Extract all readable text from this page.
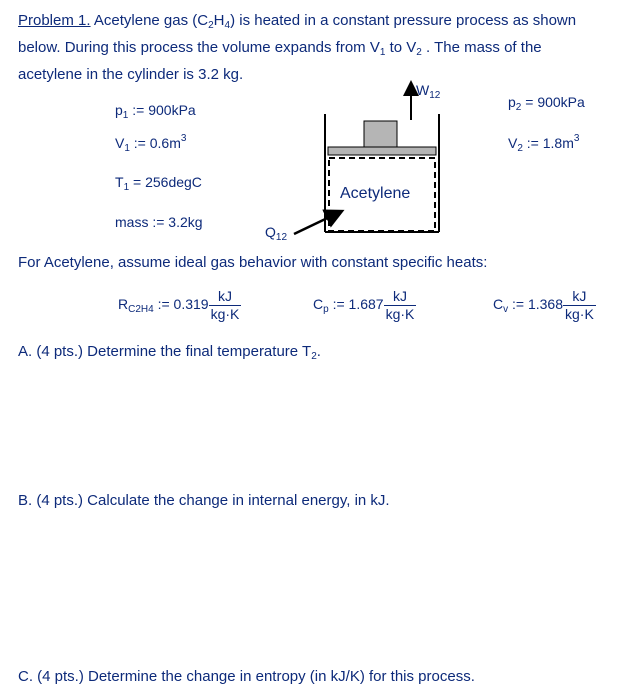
Problem 1. Acetylene gas $(C_2H_4)$ is heated in a constant pressure process as shown
below. During this process the volume expands from $V_1$ to $V_2$ . The mass of the
acetylene in the cylinder is 3.2 kg.
$p_1$ := 900kPa
$V_1$ := $0.6m^3$
$T_1$ = 256degC
mass := 3.2kg
$p_2 = 900kPa$
$V_2$ := $1.8m^3$
$W_{12}$
$Q_{12}$
Acetylene
For Acetylene, assume ideal gas behavior with constant specific heats:
$R_{C2H4}$ := $0.319 \frac{kJ}{kg\cdot K}$	$C_p$ := $1.687 \frac{kJ}{kg\cdot K}$	$C_v$ := $1.368 \frac{kJ}{kg\cdot K}$
A. (4 pts.) Determine the final temperature $T_2$.
B. (4 pts.) Calculate the change in internal energy, in kJ.
C. (4 pts.) Determine the change in entropy (in kJ/K) for this process.
